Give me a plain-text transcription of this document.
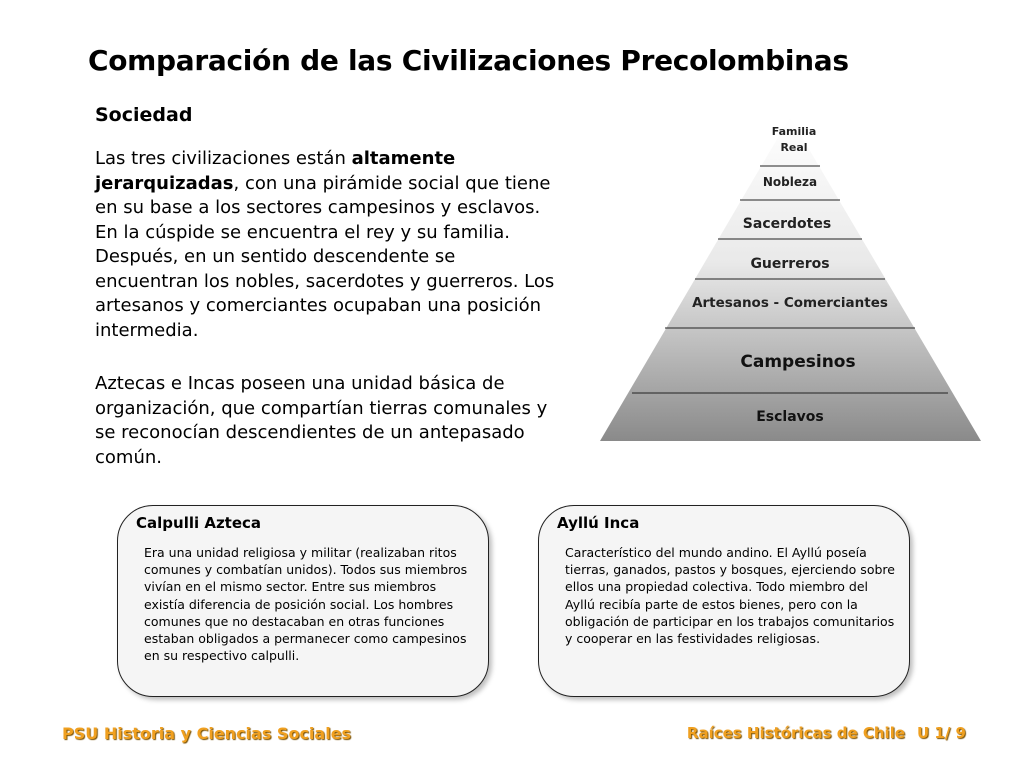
Comparación de las Civilizaciones Precolombinas
Sociedad

Las tres civilizaciones están altamente jerarquizadas, con una pirámide social que tiene en su base a los sectores campesinos y esclavos. En la cúspide se encuentra el rey y su familia. Después, en un sentido descendente se encuentran los nobles, sacerdotes y guerreros. Los artesanos y comerciantes ocupaban una posición intermedia.

Aztecas e Incas poseen una unidad básica de organización, que compartían tierras comunales y se reconocían descendientes de un antepasado común.

Familia
Real
Nobleza
Sacerdotes
Guerreros
Artesanos - Comerciantes
Campesinos
Esclavos
Calpulli Azteca

Era una unidad religiosa y militar (realizaban ritos comunes y combatían unidos). Todos sus miembros vivían en el mismo sector. Entre sus miembros existía diferencia de posición social. Los hombres comunes que no destacaban en otras funciones estaban obligados a permanecer como campesinos en su respectivo calpulli.

Ayllú Inca

Característico del mundo andino. El Ayllú poseía tierras, ganados, pastos y bosques, ejerciendo sobre ellos una propiedad colectiva. Todo miembro del Ayllú recibía parte de estos bienes, pero con la obligación de participar en los trabajos comunitarios y cooperar en las festividades religiosas.

PSU Historia y Ciencias Sociales	Raíces Históricas de Chile U 1/ 9
